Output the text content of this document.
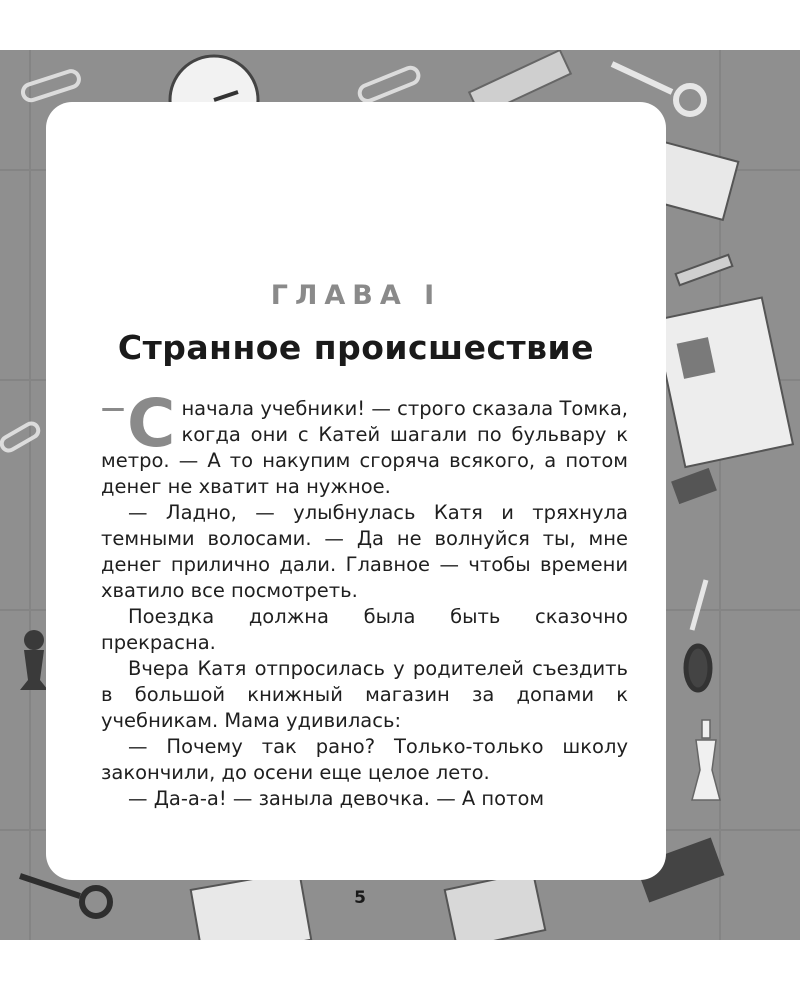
ГЛАВА I
Странное происшествие

— С начала учебники! — строго сказала Томка, когда они с Катей шагали по бульвару к метро. — А то накупим сгоряча всякого, а потом денег не хватит на нужное.

— Ладно, — улыбнулась Катя и тряхнула темными волосами. — Да не волнуйся ты, мне денег прилично дали. Главное — чтобы времени хватило все посмотреть.

Поездка должна была быть сказочно прекрасна.

Вчера Катя отпросилась у родителей съездить в большой книжный магазин за допами к учебникам. Мама удивилась:

— Почему так рано? Только-только школу закончили, до осени еще целое лето.

— Да-а-а! — заныла девочка. — А потом

5
